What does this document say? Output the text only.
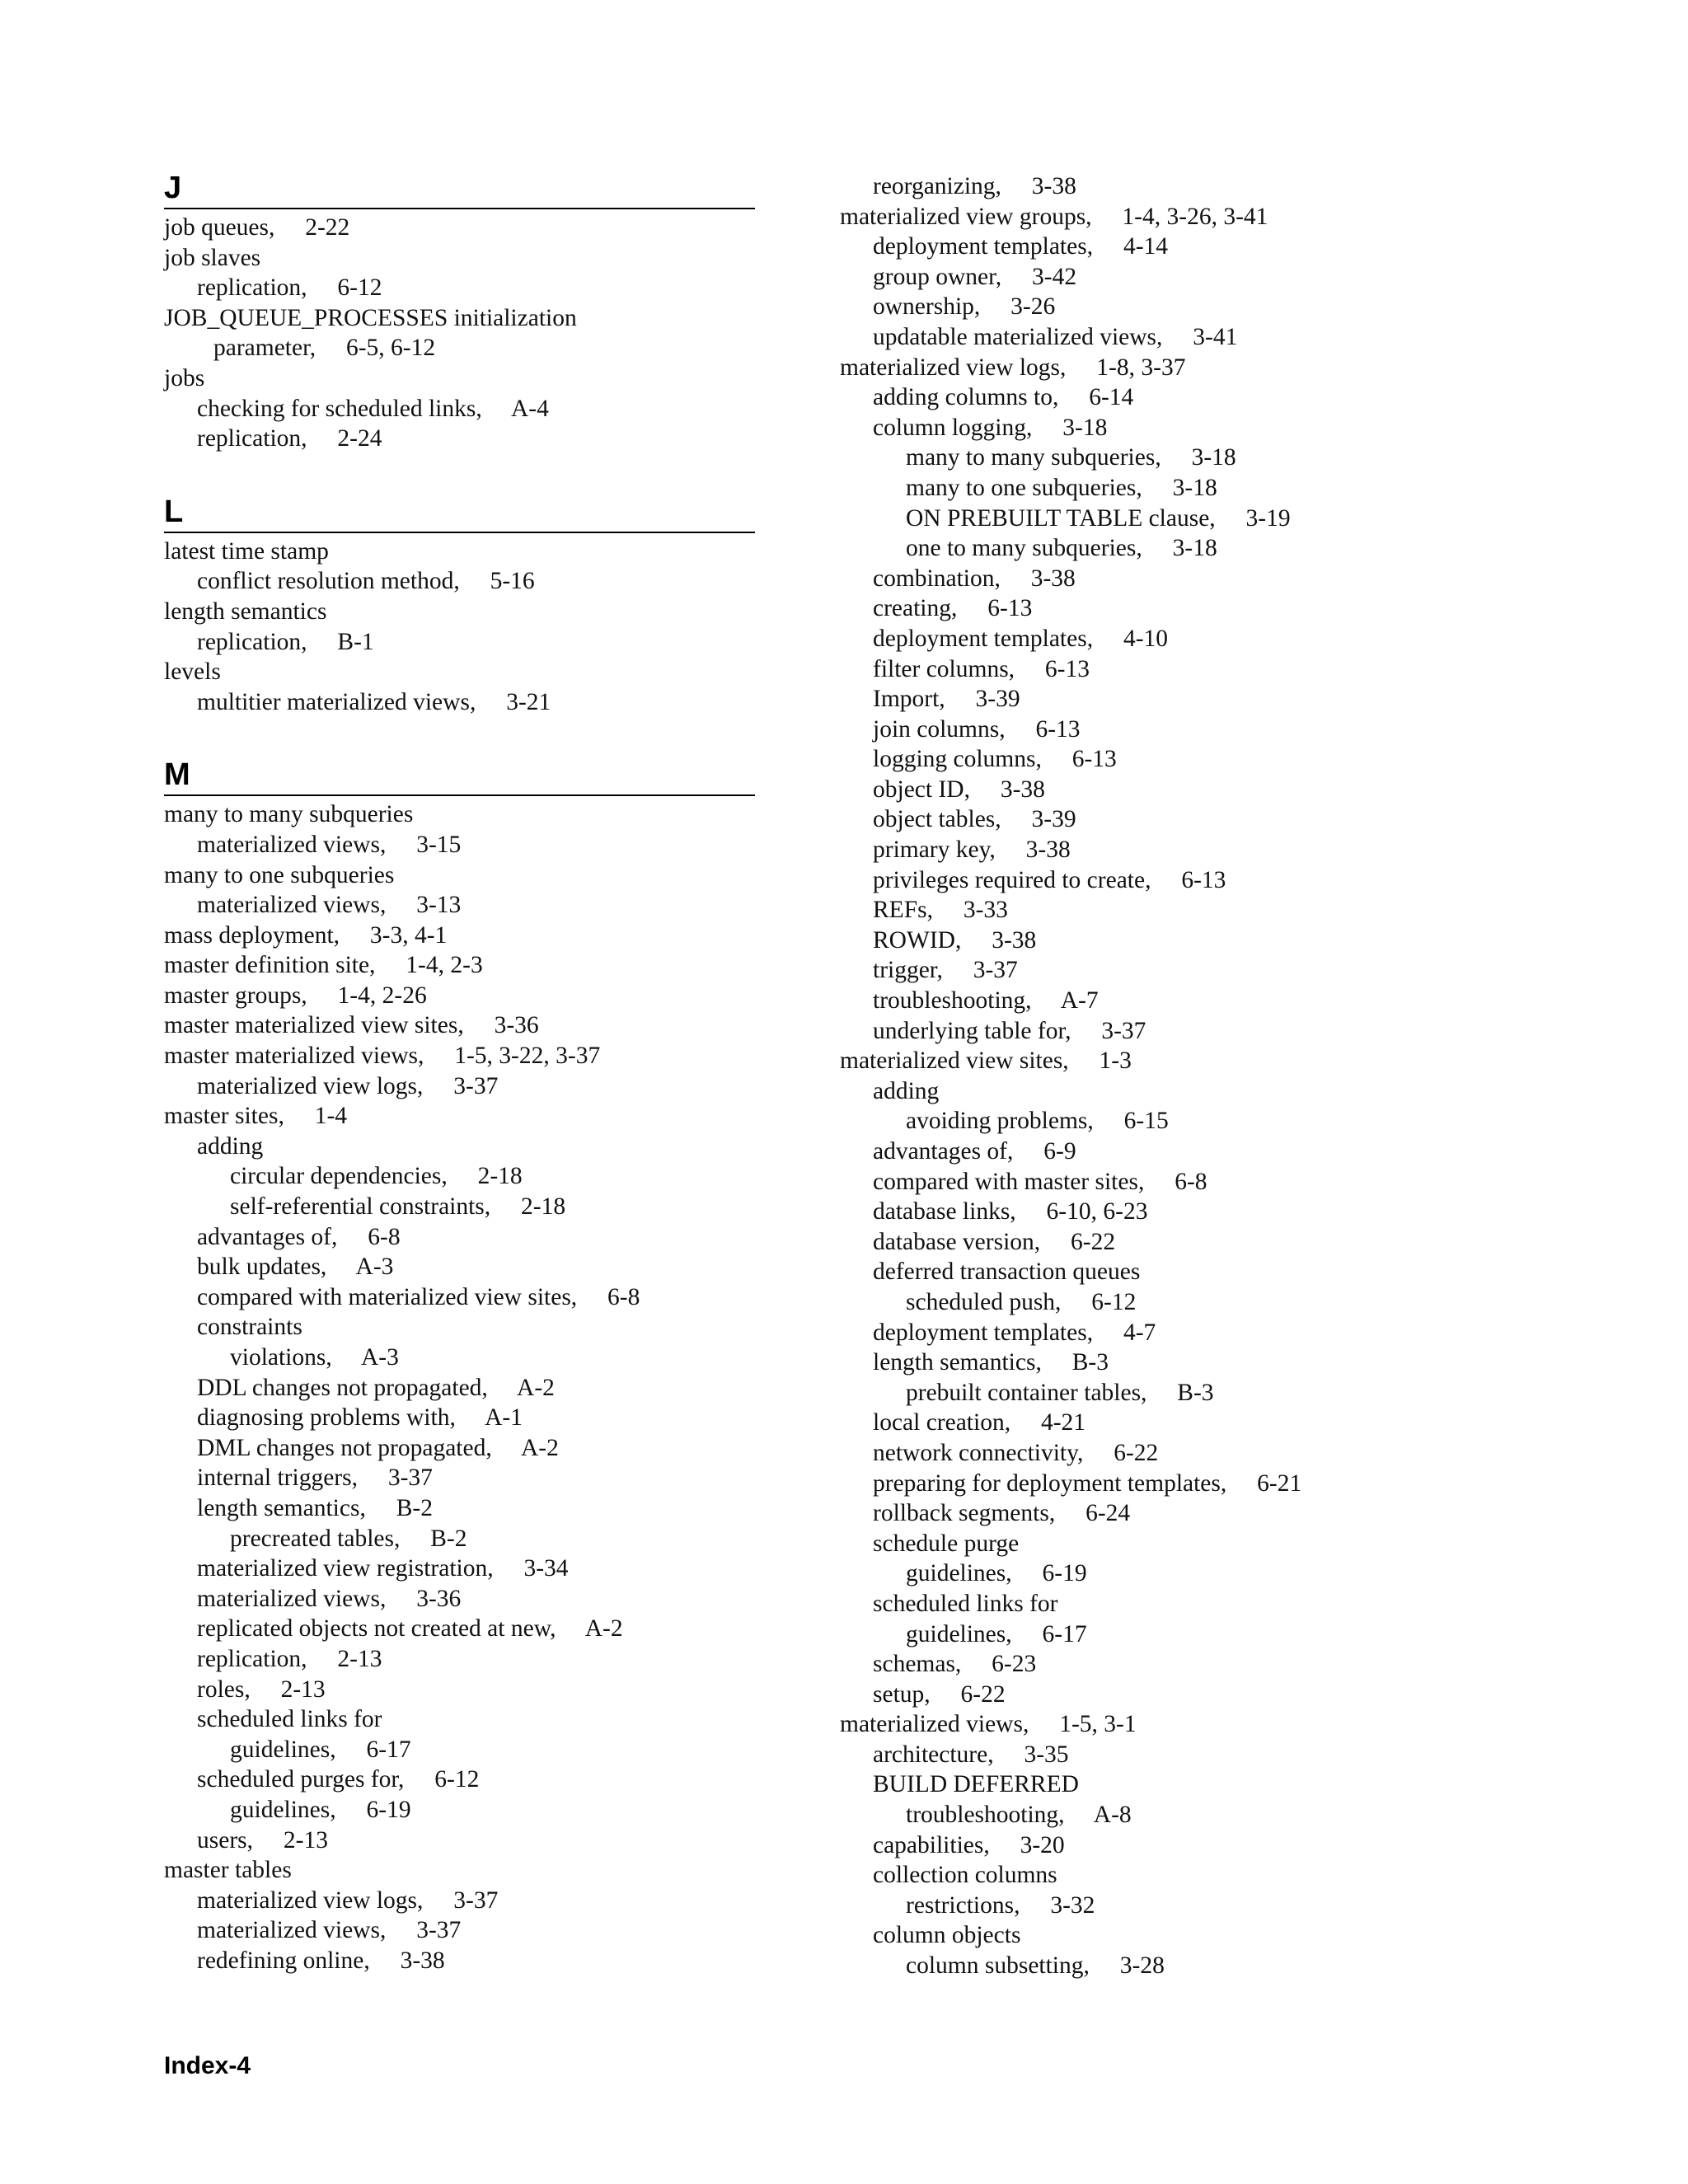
J
job queues,  2-22
job slaves
replication,  6-12
JOB_QUEUE_PROCESSES initialization
parameter,  6-5, 6-12
jobs
checking for scheduled links,  A-4
replication,  2-24
L
latest time stamp
conflict resolution method,  5-16
length semantics
replication,  B-1
levels
multitier materialized views,  3-21
M
many to many subqueries
materialized views,  3-15
many to one subqueries
materialized views,  3-13
mass deployment,  3-3, 4-1
master definition site,  1-4, 2-3
master groups,  1-4, 2-26
master materialized view sites,  3-36
master materialized views,  1-5, 3-22, 3-37
materialized view logs,  3-37
master sites,  1-4
adding
circular dependencies,  2-18
self-referential constraints,  2-18
advantages of,  6-8
bulk updates,  A-3
compared with materialized view sites,  6-8
constraints
violations,  A-3
DDL changes not propagated,  A-2
diagnosing problems with,  A-1
DML changes not propagated,  A-2
internal triggers,  3-37
length semantics,  B-2
precreated tables,  B-2
materialized view registration,  3-34
materialized views,  3-36
replicated objects not created at new,  A-2
replication,  2-13
roles,  2-13
scheduled links for
guidelines,  6-17
scheduled purges for,  6-12
guidelines,  6-19
users,  2-13
master tables
materialized view logs,  3-37
materialized views,  3-37
redefining online,  3-38
reorganizing,  3-38
materialized view groups,  1-4, 3-26, 3-41
deployment templates,  4-14
group owner,  3-42
ownership,  3-26
updatable materialized views,  3-41
materialized view logs,  1-8, 3-37
adding columns to,  6-14
column logging,  3-18
many to many subqueries,  3-18
many to one subqueries,  3-18
ON PREBUILT TABLE clause,  3-19
one to many subqueries,  3-18
combination,  3-38
creating,  6-13
deployment templates,  4-10
filter columns,  6-13
Import,  3-39
join columns,  6-13
logging columns,  6-13
object ID,  3-38
object tables,  3-39
primary key,  3-38
privileges required to create,  6-13
REFs,  3-33
ROWID,  3-38
trigger,  3-37
troubleshooting,  A-7
underlying table for,  3-37
materialized view sites,  1-3
adding
avoiding problems,  6-15
advantages of,  6-9
compared with master sites,  6-8
database links,  6-10, 6-23
database version,  6-22
deferred transaction queues
scheduled push,  6-12
deployment templates,  4-7
length semantics,  B-3
prebuilt container tables,  B-3
local creation,  4-21
network connectivity,  6-22
preparing for deployment templates,  6-21
rollback segments,  6-24
schedule purge
guidelines,  6-19
scheduled links for
guidelines,  6-17
schemas,  6-23
setup,  6-22
materialized views,  1-5, 3-1
architecture,  3-35
BUILD DEFERRED
troubleshooting,  A-8
capabilities,  3-20
collection columns
restrictions,  3-32
column objects
column subsetting,  3-28
Index-4
